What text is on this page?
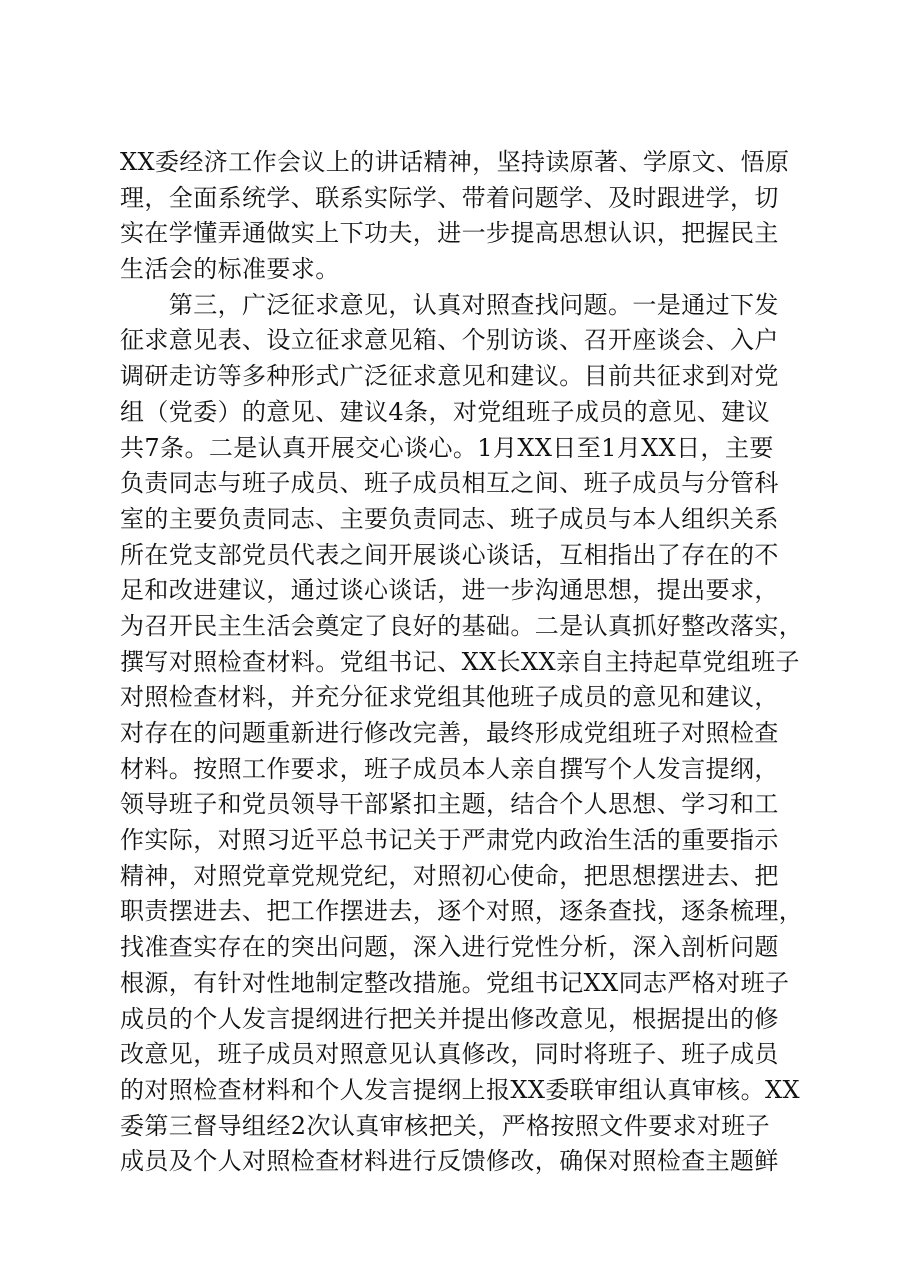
XX委经济工作会议上的讲话精神，坚持读原著、学原文、悟原
理，全面系统学、联系实际学、带着问题学、及时跟进学，切
实在学懂弄通做实上下功夫，进一步提高思想认识，把握民主
生活会的标准要求。
　　第三，广泛征求意见，认真对照查找问题。一是通过下发
征求意见表、设立征求意见箱、个别访谈、召开座谈会、入户
调研走访等多种形式广泛征求意见和建议。目前共征求到对党
组（党委）的意见、建议4条，对党组班子成员的意见、建议
共7条。二是认真开展交心谈心。1月XX日至1月XX日，主要
负责同志与班子成员、班子成员相互之间、班子成员与分管科
室的主要负责同志、主要负责同志、班子成员与本人组织关系
所在党支部党员代表之间开展谈心谈话，互相指出了存在的不
足和改进建议，通过谈心谈话，进一步沟通思想，提出要求，
为召开民主生活会奠定了良好的基础。二是认真抓好整改落实，
撰写对照检查材料。党组书记、XX长XX亲自主持起草党组班子
对照检查材料，并充分征求党组其他班子成员的意见和建议，
对存在的问题重新进行修改完善，最终形成党组班子对照检查
材料。按照工作要求，班子成员本人亲自撰写个人发言提纲，
领导班子和党员领导干部紧扣主题，结合个人思想、学习和工
作实际，对照习近平总书记关于严肃党内政治生活的重要指示
精神，对照党章党规党纪，对照初心使命，把思想摆进去、把
职责摆进去、把工作摆进去，逐个对照，逐条查找，逐条梳理，
找准查实存在的突出问题，深入进行党性分析，深入剖析问题
根源，有针对性地制定整改措施。党组书记XX同志严格对班子
成员的个人发言提纲进行把关并提出修改意见，根据提出的修
改意见，班子成员对照意见认真修改，同时将班子、班子成员
的对照检查材料和个人发言提纲上报XX委联审组认真审核。XX
委第三督导组经2次认真审核把关，严格按照文件要求对班子
成员及个人对照检查材料进行反馈修改，确保对照检查主题鲜
